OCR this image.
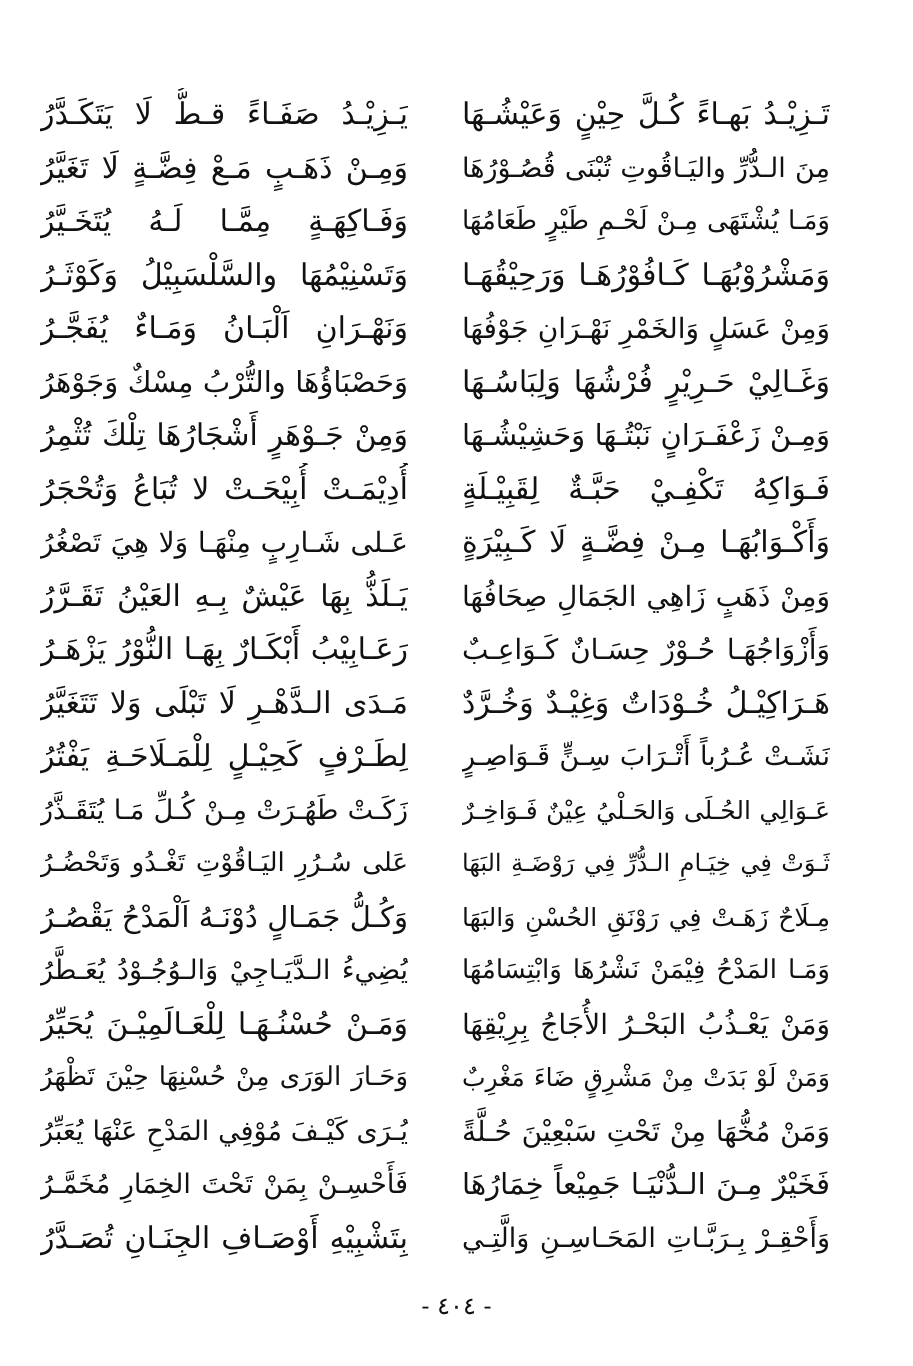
تَـزِيْـدُ بَهـاءً كُـلَّ حِيْنٍ وَعَيْشُـهَا
يَـزِيْـدُ صَفَـاءً قـطُّ لَا يَتَكَـدَّرُ
مِنَ الـدُّرِّ واليَـاقُوتِ تُبْنَى قُصُـوْرُهَا
وَمِـنْ ذَهَـبٍ مَـعْ فِضَّـةٍ لَا تَغَيَّرُ
وَمَـا يُشْتَهَى مِـنْ لَحْـمِ طَيْرٍ طَعَامُهَا
وَفَـاكِهَـةٍ مِمَّـا لَـهُ يُتَخَـيَّرُ
وَمَشْرُوْبُهَـا كَـافُوْرُهَـا وَرَحِيْقُهَـا
وَتَسْنِيْمُهَا والسَّلْسَبِيْلُ وَكَوْثَـرُ
وَمِنْ عَسَلٍ وَالخَمْرِ نَهْـرَانِ جَوْفُهَا
وَنَهْـرَانِ اَلْبَـانُ وَمَـاءٌ يُفَجَّـرُ
وَغَـالِيْ حَـرِيْرٍ فُرْشُهَا وَلِبَاسُـهَا
وَحَصْبَاؤُهَا والتُّرْبُ مِسْكٌ وَجَوْهَرُ
وَمِـنْ زَعْفَـرَانٍ نَبْتُـهَا وَحَشِيْشُـهَا
وَمِنْ جَـوْهَرٍ أَشْجَارُهَا تِلْكَ تُثْمِرُ
فَـوَاكِهُ تَكْفِـيْ حَبَّـةٌ لِقَبِيْـلَةٍ
أُدِيْمَـتْ أُبِيْحَـتْ لا تُبَاعُ وَتُحْجَرُ
وَأَكْـوَابُهَـا مِـنْ فِضَّـةٍ لَا كَـبِيْرَةٍ
عَـلى شَـارِبٍ مِنْهَـا وَلا هِيَ تَصْغُرُ
وَمِنْ ذَهَبٍ زَاهِي الجَمَالِ صِحَافُهَا
يَـلَذُّ بِهَا عَيْشٌ بِـهِ العَيْنُ تَقَـرَّرُ
وَأَزْوَاجُهَـا حُـوْرٌ حِسَـانٌ كَـوَاعِـبٌ
رَعَـابِيْبُ أَبْكَـارٌ بِهَـا النُّوْرُ يَزْهَـرُ
هَـرَاكِيْـلُ خُـوْدَاتٌ وَغِيْـدٌ وَخُـرَّدٌ
مَـدَى الـدَّهْـرِ لَا تَبْلَى وَلا تَتَغَيَّرُ
نَشَـتْ عُـرُباً أَتْـرَابَ سِـنٍّ قَـوَاصِـرٍ
لِطَـرْفٍ كَحِيْـلٍ لِلْمَـلَاحَـةِ يَفْتُرُ
عَـوَالِي الحُـلَى وَالحَـلْيُ عِيْنٌ فَـوَاخِـرٌ
زَكَـتْ طَهُـرَتْ مِـنْ كُـلِّ مَـا يُتَقَـذَّرُ
ثَـوَتْ فِي خِيَـامِ الـدُّرِّ فِي رَوْضَـةِ البَهَا
عَلى سُـرُرِ اليَـاقُوْتِ تَغْـدُو وَتَحْضُـرُ
مِـلَاحٌ زَهَـتْ فِي رَوْنَقِ الحُسْنِ وَالبَهَا
وَكُـلُّ جَمَـالٍ دُوْنَـهُ اَلْمَدْحُ يَقْصُـرُ
وَمَـا المَدْحُ فِيْمَنْ نَشْرُهَا وَابْتِسَامُهَا
يُضِيءُ الـدَّيَـاجِيْ وَالـوُجُـوْدُ يُعَـطَّرُ
وَمَنْ يَعْـذُبُ البَحْـرُ الأُجَاجُ بِرِيْقِهَا
وَمَـنْ حُسْنُـهَـا لِلْعَـالَمِيْـنَ يُحَيِّرُ
وَمَنْ لَوْ بَدَتْ مِنْ مَشْرِقٍ ضَاءَ مَغْرِبٌ
وَحَـارَ الوَرَى مِنْ حُسْنِهَا حِيْنَ تَظْهَرُ
وَمَنْ مُخُّهَا مِنْ تَحْتِ سَبْعِيْنَ حُـلَّةً
يُـرَى كَيْـفَ مُوْفِي المَدْحِ عَنْهَا يُعَبِّرُ
فَخَيْرٌ مِـنَ الـدُّنْيَـا جَمِيْعاً خِمَارُهَا
فَأَحْسِـنْ بِمَنْ تَحْتَ الخِمَارِ مُخَمَّـرُ
وَأَحْقِـرْ بِـرَبَّـاتِ المَحَـاسِـنِ وَالَّتِـي
بِتَشْبِيْهِ أَوْصَـافِ الجِنَـانِ تُصَـدَّرُ
- ٤٠٤ -
